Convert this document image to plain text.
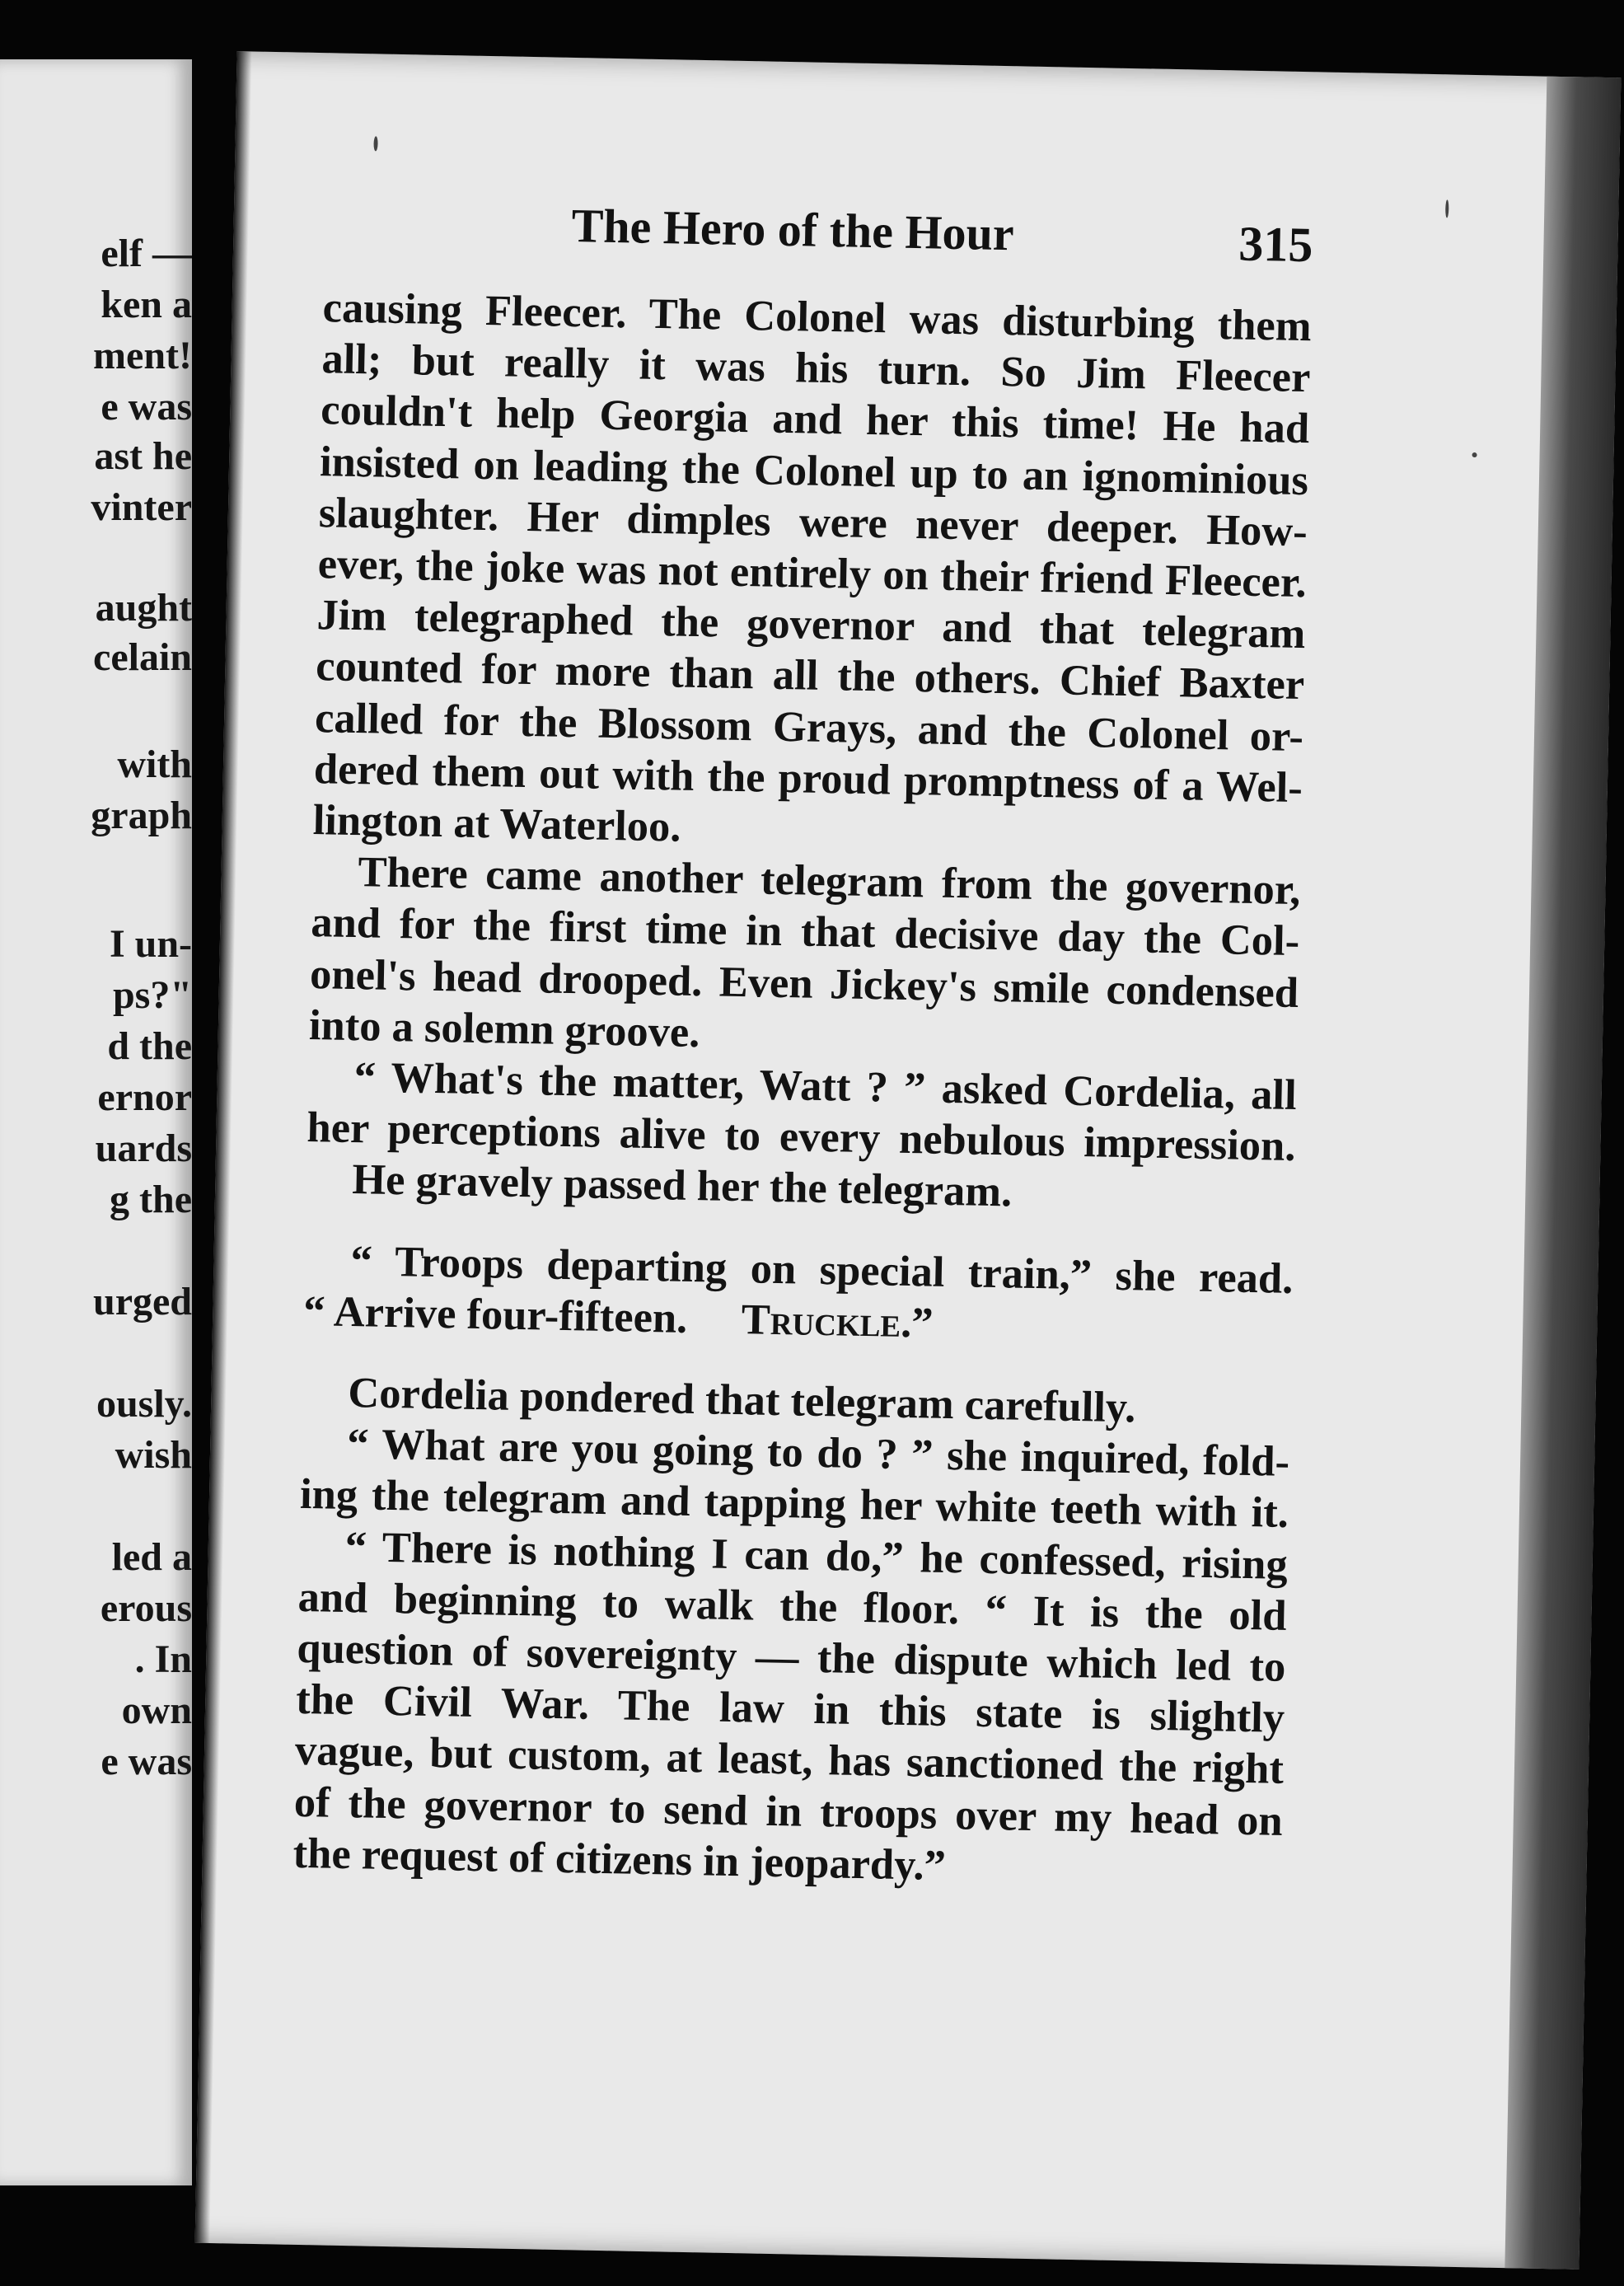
elf —
ken a
ment!
e was
ast he
vinter
aught
celain
with
graph
I un-
ps?"
d the
ernor
uards
g the
urged
ously.
wish
led a
erous
. In
own
e was
The Hero of the Hour	315
causing Fleecer. The Colonel was disturbing them
all; but really it was his turn. So Jim Fleecer
couldn't help Georgia and her this time! He had
insisted on leading the Colonel up to an ignominious
slaughter. Her dimples were never deeper. How-
ever, the joke was not entirely on their friend Fleecer.
Jim telegraphed the governor and that telegram
counted for more than all the others. Chief Baxter
called for the Blossom Grays, and the Colonel or-
dered them out with the proud promptness of a Wel-
lington at Waterloo.
There came another telegram from the governor,
and for the first time in that decisive day the Col-
onel's head drooped. Even Jickey's smile condensed
into a solemn groove.
“ What's the matter, Watt ? ” asked Cordelia, all
her perceptions alive to every nebulous impression.
He gravely passed her the telegram.
“ Troops departing on special train,” she read.
“ Arrive four-fifteen. Truckle.”
Cordelia pondered that telegram carefully.
“ What are you going to do ? ” she inquired, fold-
ing the telegram and tapping her white teeth with it.
“ There is nothing I can do,” he confessed, rising
and beginning to walk the floor. “ It is the old
question of sovereignty — the dispute which led to
the Civil War. The law in this state is slightly
vague, but custom, at least, has sanctioned the right
of the governor to send in troops over my head on
the request of citizens in jeopardy.”
